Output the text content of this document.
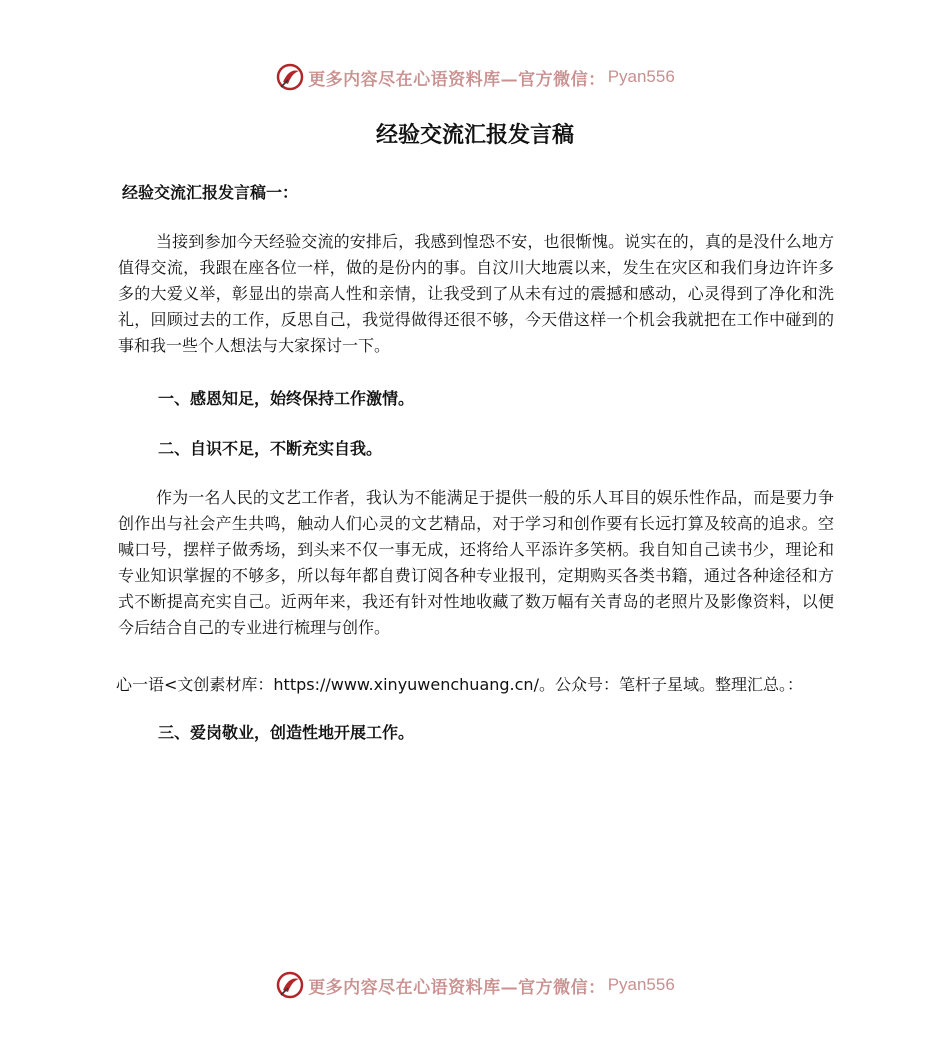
更多内容尽在心语资料库—官方微信： Pyan556
经验交流汇报发言稿
经验交流汇报发言稿一：

当接到参加今天经验交流的安排后，我感到惶恐不安，也很惭愧。说实在的，真的是没什么地方值得交流，我跟在座各位一样，做的是份内的事。自汶川大地震以来，发生在灾区和我们身边许许多多的大爱义举，彰显出的崇高人性和亲情，让我受到了从未有过的震撼和感动，心灵得到了净化和洗礼，回顾过去的工作，反思自己，我觉得做得还很不够，今天借这样一个机会我就把在工作中碰到的事和我一些个人想法与大家探讨一下。

一、感恩知足，始终保持工作激情。

二、自识不足，不断充实自我。

作为一名人民的文艺工作者，我认为不能满足于提供一般的乐人耳目的娱乐性作品，而是要力争创作出与社会产生共鸣，触动人们心灵的文艺精品，对于学习和创作要有长远打算及较高的追求。空喊口号，摆样子做秀场，到头来不仅一事无成，还将给人平添许多笑柄。我自知自己读书少，理论和专业知识掌握的不够多，所以每年都自费订阅各种专业报刊，定期购买各类书籍，通过各种途径和方式不断提高充实自己。近两年来，我还有针对性地收藏了数万幅有关青岛的老照片及影像资料，以便今后结合自己的专业进行梳理与创作。

心一语<文创素材库：https://www.xinyuwenchuang.cn/。公众号：笔杆子星域。整理汇总。：

三、爱岗敬业，创造性地开展工作。

更多内容尽在心语资料库—官方微信： Pyan556
